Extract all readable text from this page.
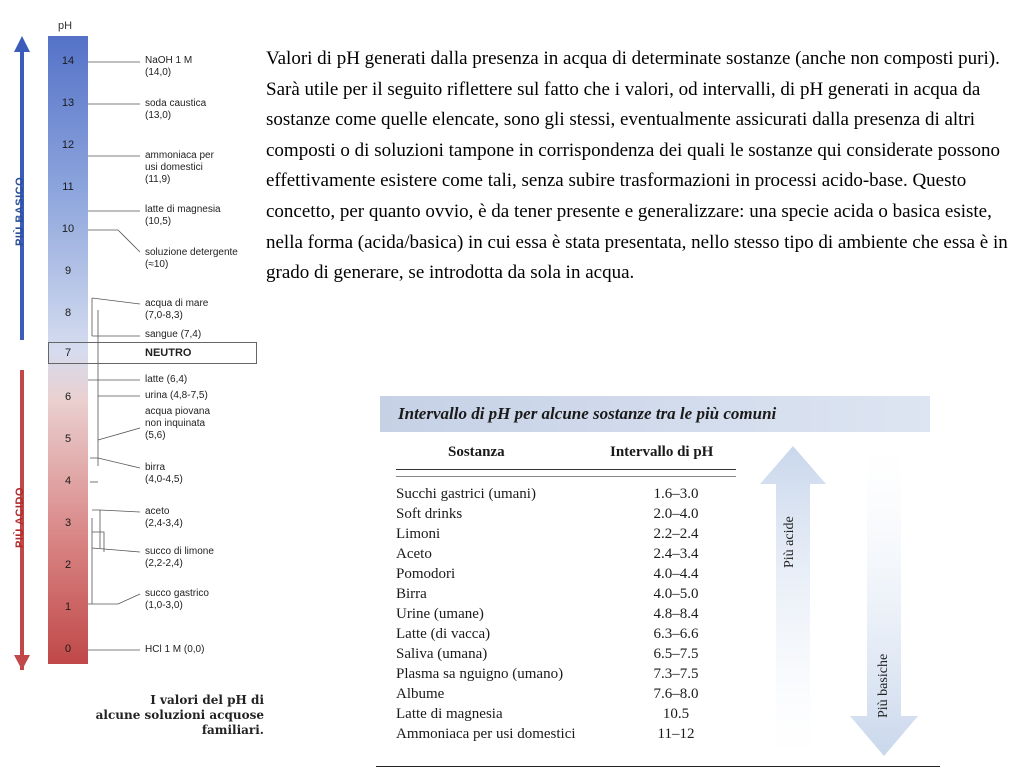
pH
PIÙ BASICO
PIÙ ACIDO
14
13
12
11
10
9
8
7
6
5
4
3
2
1
0
NaOH 1 M
(14,0)
soda caustica
(13,0)
ammoniaca per
usi domestici
(11,9)
latte di magnesia
(10,5)
soluzione detergente
(≈10)
acqua di mare
(7,0-8,3)
sangue (7,4)
NEUTRO
latte (6,4)
urina (4,8-7,5)
acqua piovana
non inquinata
(5,6)
birra
(4,0-4,5)
aceto
(2,4-3,4)
succo di limone
(2,2-2,4)
succo gastrico
(1,0-3,0)
HCl 1 M (0,0)
I valori del pH di
alcune soluzioni acquose familiari.

Valori di pH generati dalla presenza in acqua di determinate sostanze (anche non composti puri). Sarà utile per il seguito riflettere sul fatto che i valori, od intervalli, di pH generati in acqua da sostanze come quelle elencate, sono gli stessi, eventualmente assicurati dalla presenza di altri composti o di soluzioni tampone in corrispondenza dei quali le sostanze qui considerate possono effettivamente esistere come tali, senza subire trasformazioni in processi acido-base. Questo concetto, per quanto ovvio, è da tener presente e generalizzare: una specie acida o basica esiste, nella forma (acida/basica) in cui essa è stata presentata, nello stesso tipo di ambiente che essa è in grado di generare, se introdotta da sola in acqua.

Intervallo di pH per alcune sostanze tra le più comuni
Sostanza	Intervallo di pH
Succhi gastrici (umani)	1.6–3.0
Soft drinks	2.0–4.0
Limoni	2.2–2.4
Aceto	2.4–3.4
Pomodori	4.0–4.4
Birra	4.0–5.0
Urine (umane)	4.8–8.4
Latte (di vacca)	6.3–6.6
Saliva (umana)	6.5–7.5
Plasma sa nguigno (umano)	7.3–7.5
Albume	7.6–8.0
Latte di magnesia	10.5
Ammoniaca per usi domestici	11–12
Più acide
Più basiche
